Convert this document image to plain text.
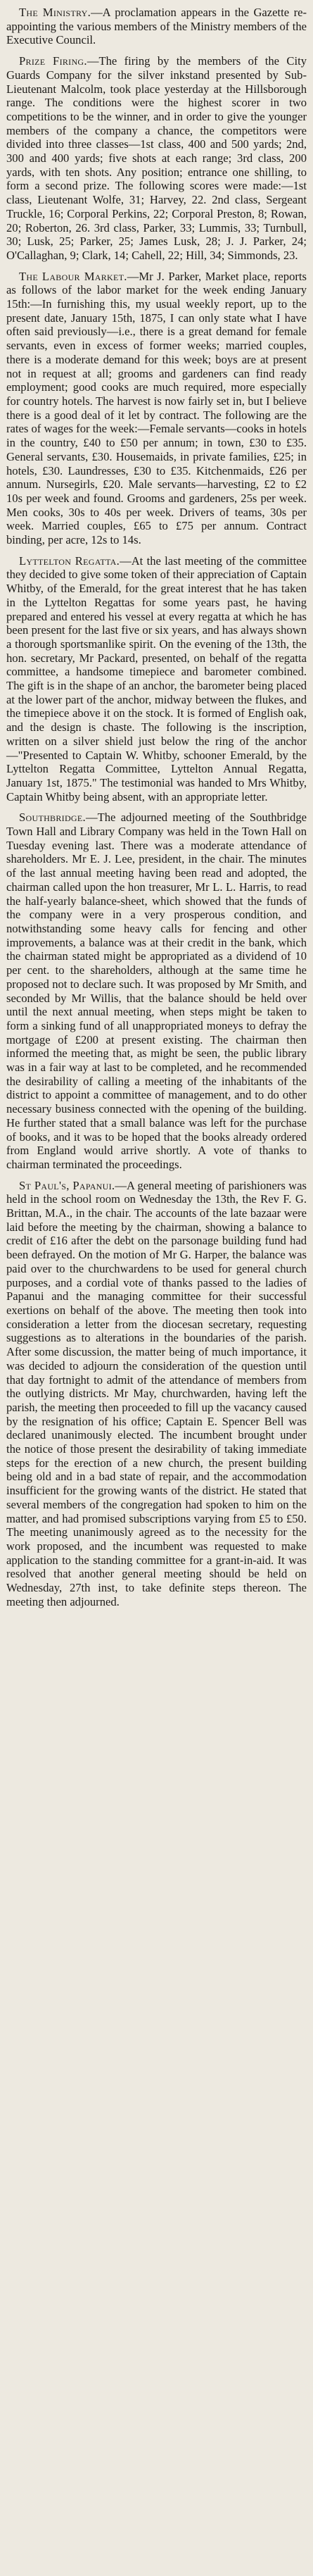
The Ministry.—A proclamation appears in the Gazette re-appointing the various members of the Ministry members of the Executive Council.

Prize Firing.—The firing by the members of the City Guards Company for the silver inkstand presented by Sub-Lieutenant Malcolm, took place yesterday at the Hillsborough range. The conditions were the highest scorer in two competitions to be the winner, and in order to give the younger members of the company a chance, the competitors were divided into three classes—1st class, 400 and 500 yards; 2nd, 300 and 400 yards; five shots at each range; 3rd class, 200 yards, with ten shots. Any position; entrance one shilling, to form a second prize. The following scores were made:—1st class, Lieutenant Wolfe, 31; Harvey, 22. 2nd class, Sergeant Truckle, 16; Corporal Perkins, 22; Corporal Preston, 8; Rowan, 20; Roberton, 26. 3rd class, Parker, 33; Lummis, 33; Turnbull, 30; Lusk, 25; Parker, 25; James Lusk, 28; J. J. Parker, 24; O'Callaghan, 9; Clark, 14; Cahell, 22; Hill, 34; Simmonds, 23.

The Labour Market.—Mr J. Parker, Market place, reports as follows of the labor market for the week ending January 15th:—In furnishing this, my usual weekly report, up to the present date, January 15th, 1875, I can only state what I have often said previously—i.e., there is a great demand for female servants, even in excess of former weeks; married couples, there is a moderate demand for this week; boys are at present not in request at all; grooms and gardeners can find ready employment; good cooks are much required, more especially for country hotels. The harvest is now fairly set in, but I believe there is a good deal of it let by contract. The following are the rates of wages for the week:—Female servants—cooks in hotels in the country, £40 to £50 per annum; in town, £30 to £35. General servants, £30. Housemaids, in private families, £25; in hotels, £30. Laundresses, £30 to £35. Kitchenmaids, £26 per annum. Nursegirls, £20. Male servants—harvesting, £2 to £2 10s per week and found. Grooms and gardeners, 25s per week. Men cooks, 30s to 40s per week. Drivers of teams, 30s per week. Married couples, £65 to £75 per annum. Contract binding, per acre, 12s to 14s.

Lyttelton Regatta.—At the last meeting of the committee they decided to give some token of their appreciation of Captain Whitby, of the Emerald, for the great interest that he has taken in the Lyttelton Regattas for some years past, he having prepared and entered his vessel at every regatta at which he has been present for the last five or six years, and has always shown a thorough sportsmanlike spirit. On the evening of the 13th, the hon. secretary, Mr Packard, presented, on behalf of the regatta committee, a handsome timepiece and barometer combined. The gift is in the shape of an anchor, the barometer being placed at the lower part of the anchor, midway between the flukes, and the timepiece above it on the stock. It is formed of English oak, and the design is chaste. The following is the inscription, written on a silver shield just below the ring of the anchor—"Presented to Captain W. Whitby, schooner Emerald, by the Lyttelton Regatta Committee, Lyttelton Annual Regatta, January 1st, 1875." The testimonial was handed to Mrs Whitby, Captain Whitby being absent, with an appropriate letter.

Southbridge.—The adjourned meeting of the Southbridge Town Hall and Library Company was held in the Town Hall on Tuesday evening last. There was a moderate attendance of shareholders. Mr E. J. Lee, president, in the chair. The minutes of the last annual meeting having been read and adopted, the chairman called upon the hon treasurer, Mr L. L. Harris, to read the half-yearly balance-sheet, which showed that the funds of the company were in a very prosperous condition, and notwithstanding some heavy calls for fencing and other improvements, a balance was at their credit in the bank, which the chairman stated might be appropriated as a dividend of 10 per cent. to the shareholders, although at the same time he proposed not to declare such. It was proposed by Mr Smith, and seconded by Mr Willis, that the balance should be held over until the next annual meeting, when steps might be taken to form a sinking fund of all unappropriated moneys to defray the mortgage of £200 at present existing. The chairman then informed the meeting that, as might be seen, the public library was in a fair way at last to be completed, and he recommended the desirability of calling a meeting of the inhabitants of the district to appoint a committee of management, and to do other necessary business connected with the opening of the building. He further stated that a small balance was left for the purchase of books, and it was to be hoped that the books already ordered from England would arrive shortly. A vote of thanks to chairman terminated the proceedings.

St Paul's, Papanui.—A general meeting of parishioners was held in the school room on Wednesday the 13th, the Rev F. G. Brittan, M.A., in the chair. The accounts of the late bazaar were laid before the meeting by the chairman, showing a balance to credit of £16 after the debt on the parsonage building fund had been defrayed. On the motion of Mr G. Harper, the balance was paid over to the churchwardens to be used for general church purposes, and a cordial vote of thanks passed to the ladies of Papanui and the managing committee for their successful exertions on behalf of the above. The meeting then took into consideration a letter from the diocesan secretary, requesting suggestions as to alterations in the boundaries of the parish. After some discussion, the matter being of much importance, it was decided to adjourn the consideration of the question until that day fortnight to admit of the attendance of members from the outlying districts. Mr May, churchwarden, having left the parish, the meeting then proceeded to fill up the vacancy caused by the resignation of his office; Captain E. Spencer Bell was declared unanimously elected. The incumbent brought under the notice of those present the desirability of taking immediate steps for the erection of a new church, the present building being old and in a bad state of repair, and the accommodation insufficient for the growing wants of the district. He stated that several members of the congregation had spoken to him on the matter, and had promised subscriptions varying from £5 to £50. The meeting unanimously agreed as to the necessity for the work proposed, and the incumbent was requested to make application to the standing committee for a grant-in-aid. It was resolved that another general meeting should be held on Wednesday, 27th inst, to take definite steps thereon. The meeting then adjourned.
